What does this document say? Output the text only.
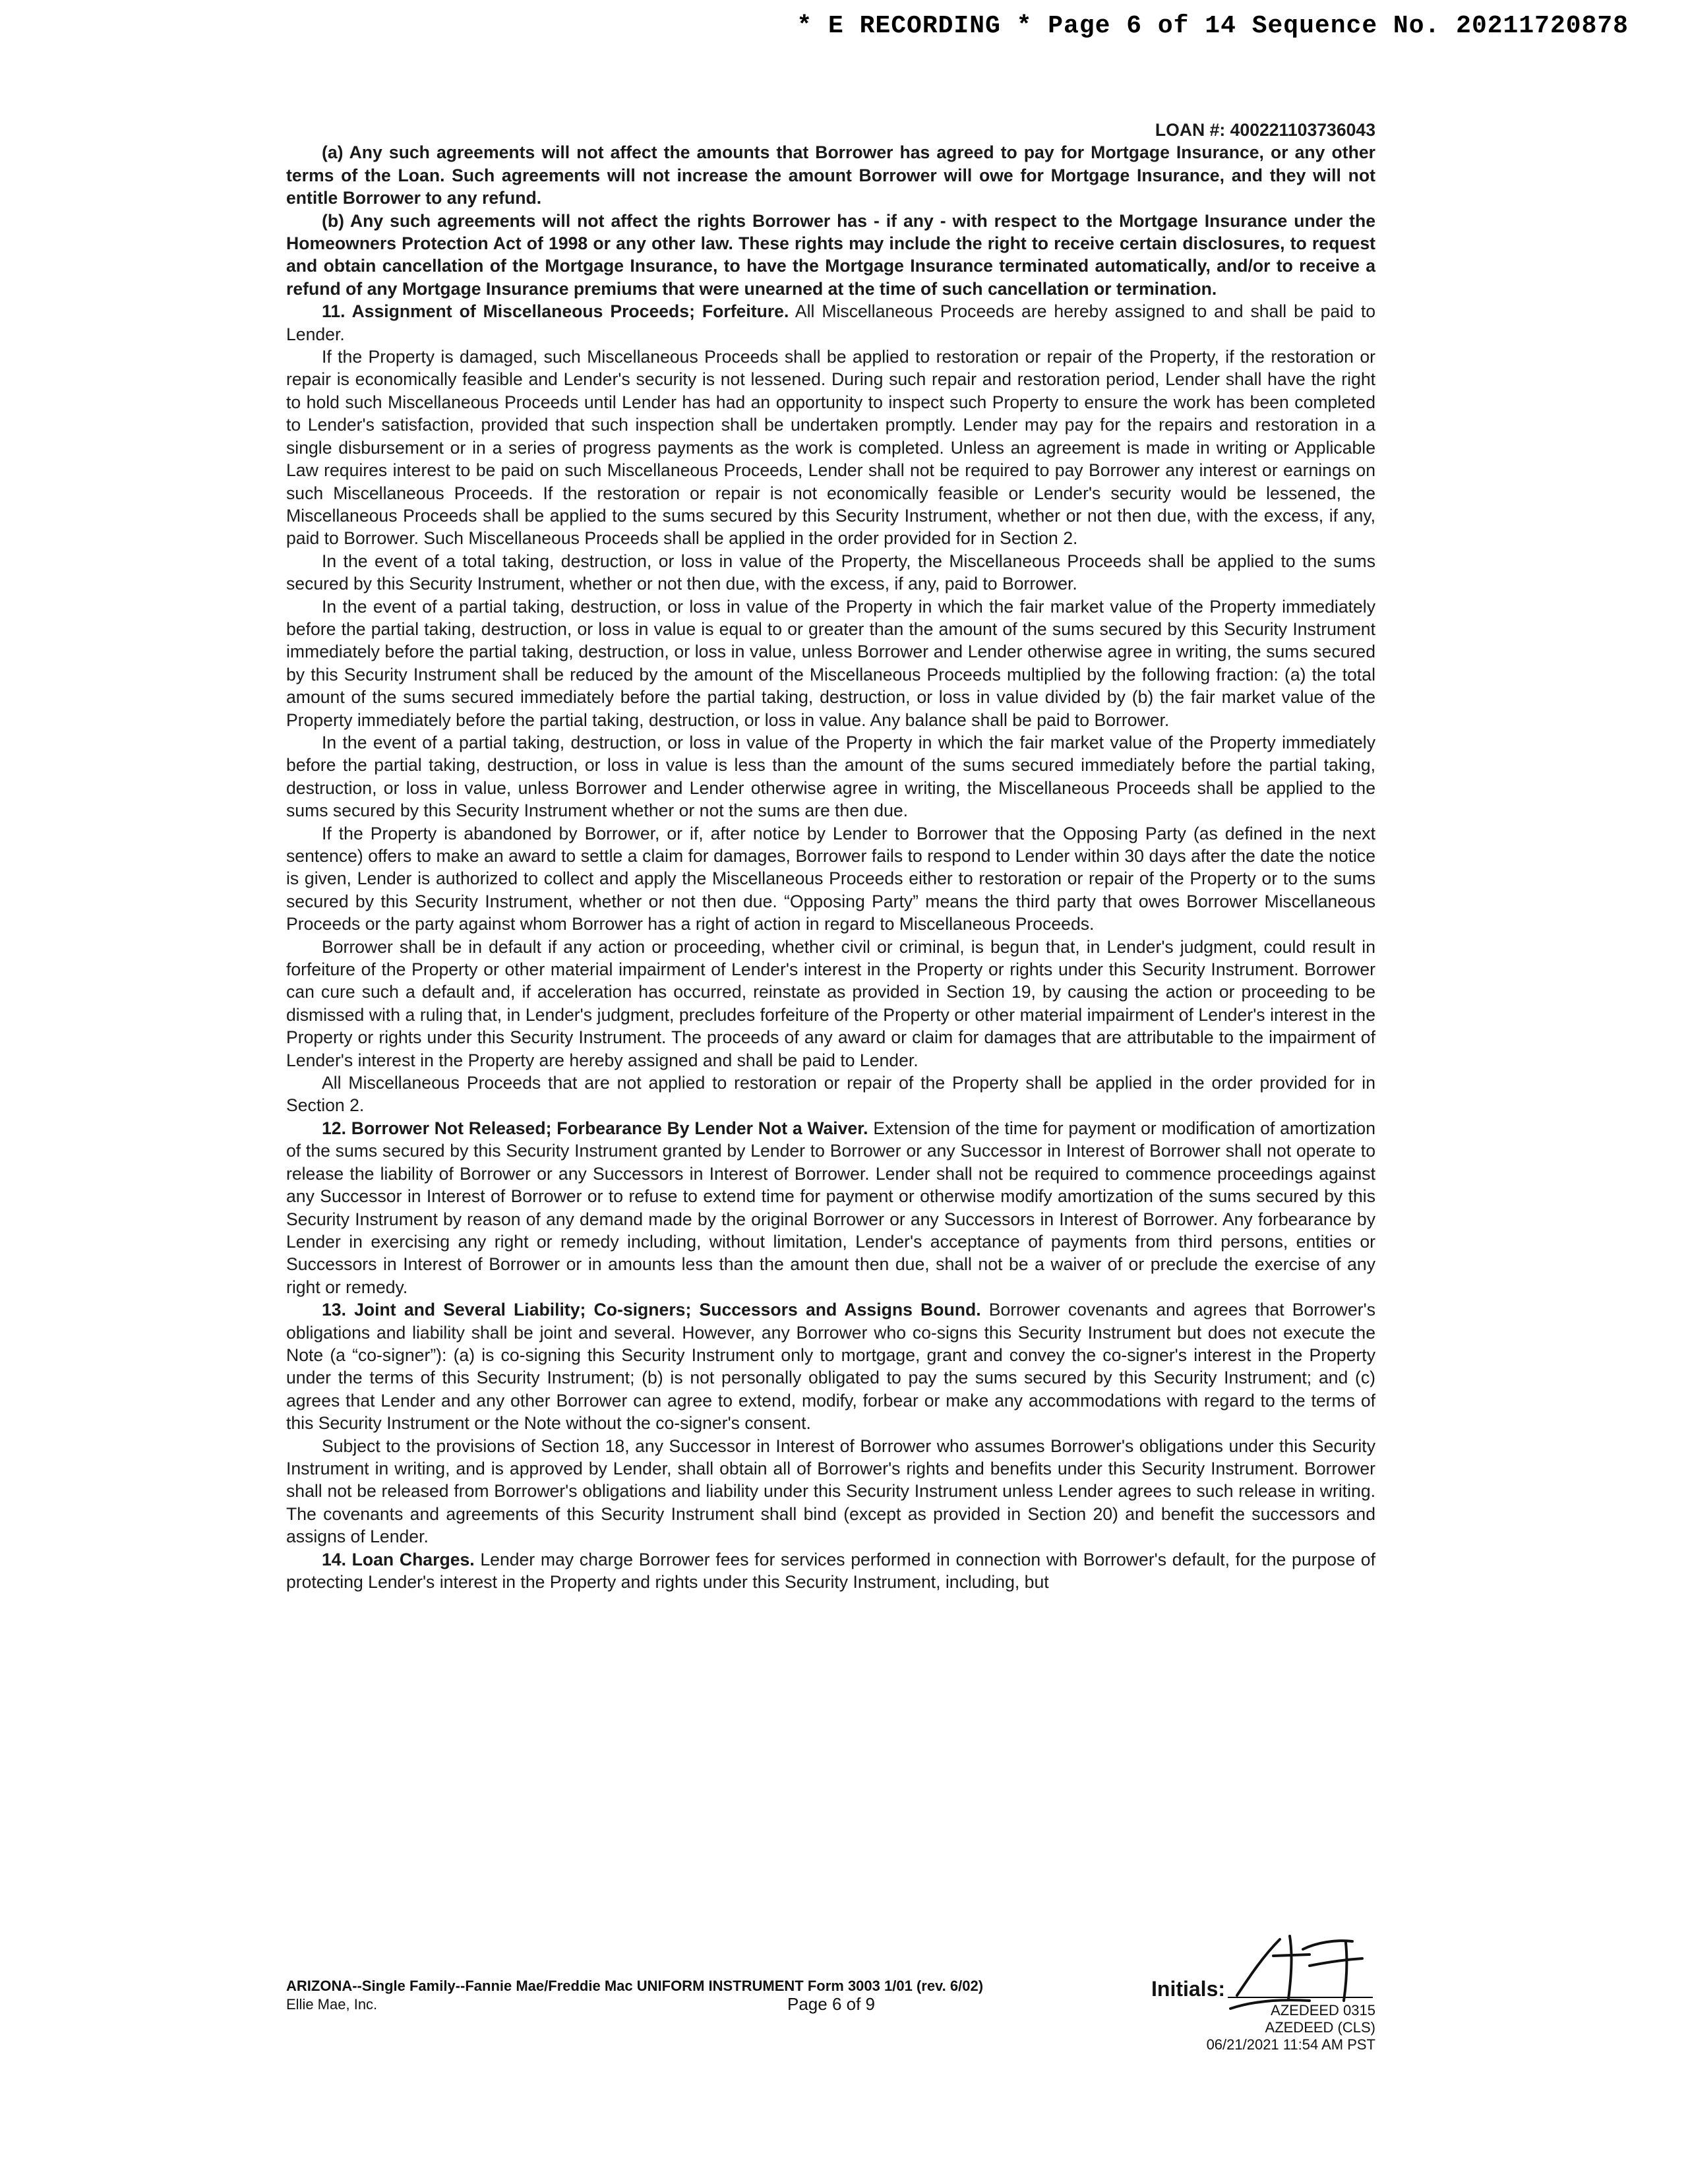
* E RECORDING * Page 6 of 14 Sequence No. 20211720878

LOAN #: 400221103736043

(a) Any such agreements will not affect the amounts that Borrower has agreed to pay for Mortgage Insurance, or any other terms of the Loan. Such agreements will not increase the amount Borrower will owe for Mortgage Insurance, and they will not entitle Borrower to any refund.

(b) Any such agreements will not affect the rights Borrower has - if any - with respect to the Mortgage Insurance under the Homeowners Protection Act of 1998 or any other law. These rights may include the right to receive certain disclosures, to request and obtain cancellation of the Mortgage Insurance, to have the Mortgage Insurance terminated automatically, and/or to receive a refund of any Mortgage Insurance premiums that were unearned at the time of such cancellation or termination.

11. Assignment of Miscellaneous Proceeds; Forfeiture. All Miscellaneous Proceeds are hereby assigned to and shall be paid to Lender.

If the Property is damaged, such Miscellaneous Proceeds shall be applied to restoration or repair of the Property, if the restoration or repair is economically feasible and Lender's security is not lessened. During such repair and restoration period, Lender shall have the right to hold such Miscellaneous Proceeds until Lender has had an opportunity to inspect such Property to ensure the work has been completed to Lender's satisfaction, provided that such inspection shall be undertaken promptly. Lender may pay for the repairs and restoration in a single disbursement or in a series of progress payments as the work is completed. Unless an agreement is made in writing or Applicable Law requires interest to be paid on such Miscellaneous Proceeds, Lender shall not be required to pay Borrower any interest or earnings on such Miscellaneous Proceeds. If the restoration or repair is not economically feasible or Lender's security would be lessened, the Miscellaneous Proceeds shall be applied to the sums secured by this Security Instrument, whether or not then due, with the excess, if any, paid to Borrower. Such Miscellaneous Proceeds shall be applied in the order provided for in Section 2.

In the event of a total taking, destruction, or loss in value of the Property, the Miscellaneous Proceeds shall be applied to the sums secured by this Security Instrument, whether or not then due, with the excess, if any, paid to Borrower.

In the event of a partial taking, destruction, or loss in value of the Property in which the fair market value of the Property immediately before the partial taking, destruction, or loss in value is equal to or greater than the amount of the sums secured by this Security Instrument immediately before the partial taking, destruction, or loss in value, unless Borrower and Lender otherwise agree in writing, the sums secured by this Security Instrument shall be reduced by the amount of the Miscellaneous Proceeds multiplied by the following fraction: (a) the total amount of the sums secured immediately before the partial taking, destruction, or loss in value divided by (b) the fair market value of the Property immediately before the partial taking, destruction, or loss in value. Any balance shall be paid to Borrower.

In the event of a partial taking, destruction, or loss in value of the Property in which the fair market value of the Property immediately before the partial taking, destruction, or loss in value is less than the amount of the sums secured immediately before the partial taking, destruction, or loss in value, unless Borrower and Lender otherwise agree in writing, the Miscellaneous Proceeds shall be applied to the sums secured by this Security Instrument whether or not the sums are then due.

If the Property is abandoned by Borrower, or if, after notice by Lender to Borrower that the Opposing Party (as defined in the next sentence) offers to make an award to settle a claim for damages, Borrower fails to respond to Lender within 30 days after the date the notice is given, Lender is authorized to collect and apply the Miscellaneous Proceeds either to restoration or repair of the Property or to the sums secured by this Security Instrument, whether or not then due. “Opposing Party” means the third party that owes Borrower Miscellaneous Proceeds or the party against whom Borrower has a right of action in regard to Miscellaneous Proceeds.

Borrower shall be in default if any action or proceeding, whether civil or criminal, is begun that, in Lender's judgment, could result in forfeiture of the Property or other material impairment of Lender's interest in the Property or rights under this Security Instrument. Borrower can cure such a default and, if acceleration has occurred, reinstate as provided in Section 19, by causing the action or proceeding to be dismissed with a ruling that, in Lender's judgment, precludes forfeiture of the Property or other material impairment of Lender's interest in the Property or rights under this Security Instrument. The proceeds of any award or claim for damages that are attributable to the impairment of Lender's interest in the Property are hereby assigned and shall be paid to Lender.

All Miscellaneous Proceeds that are not applied to restoration or repair of the Property shall be applied in the order provided for in Section 2.

12. Borrower Not Released; Forbearance By Lender Not a Waiver. Extension of the time for payment or modification of amortization of the sums secured by this Security Instrument granted by Lender to Borrower or any Successor in Interest of Borrower shall not operate to release the liability of Borrower or any Successors in Interest of Borrower. Lender shall not be required to commence proceedings against any Successor in Interest of Borrower or to refuse to extend time for payment or otherwise modify amortization of the sums secured by this Security Instrument by reason of any demand made by the original Borrower or any Successors in Interest of Borrower. Any forbearance by Lender in exercising any right or remedy including, without limitation, Lender's acceptance of payments from third persons, entities or Successors in Interest of Borrower or in amounts less than the amount then due, shall not be a waiver of or preclude the exercise of any right or remedy.

13. Joint and Several Liability; Co-signers; Successors and Assigns Bound. Borrower covenants and agrees that Borrower's obligations and liability shall be joint and several. However, any Borrower who co-signs this Security Instrument but does not execute the Note (a “co-signer”): (a) is co-signing this Security Instrument only to mortgage, grant and convey the co-signer's interest in the Property under the terms of this Security Instrument; (b) is not personally obligated to pay the sums secured by this Security Instrument; and (c) agrees that Lender and any other Borrower can agree to extend, modify, forbear or make any accommodations with regard to the terms of this Security Instrument or the Note without the co-signer's consent.

Subject to the provisions of Section 18, any Successor in Interest of Borrower who assumes Borrower's obligations under this Security Instrument in writing, and is approved by Lender, shall obtain all of Borrower's rights and benefits under this Security Instrument. Borrower shall not be released from Borrower's obligations and liability under this Security Instrument unless Lender agrees to such release in writing. The covenants and agreements of this Security Instrument shall bind (except as provided in Section 20) and benefit the successors and assigns of Lender.

14. Loan Charges. Lender may charge Borrower fees for services performed in connection with Borrower's default, for the purpose of protecting Lender's interest in the Property and rights under this Security Instrument, including, but

ARIZONA--Single Family--Fannie Mae/Freddie Mac UNIFORM INSTRUMENT Form 3003 1/01 (rev. 6/02)
Ellie Mae, Inc.	Page 6 of 9
Initials:
AZEDEED 0315
AZEDEED (CLS)
06/21/2021 11:54 AM PST
